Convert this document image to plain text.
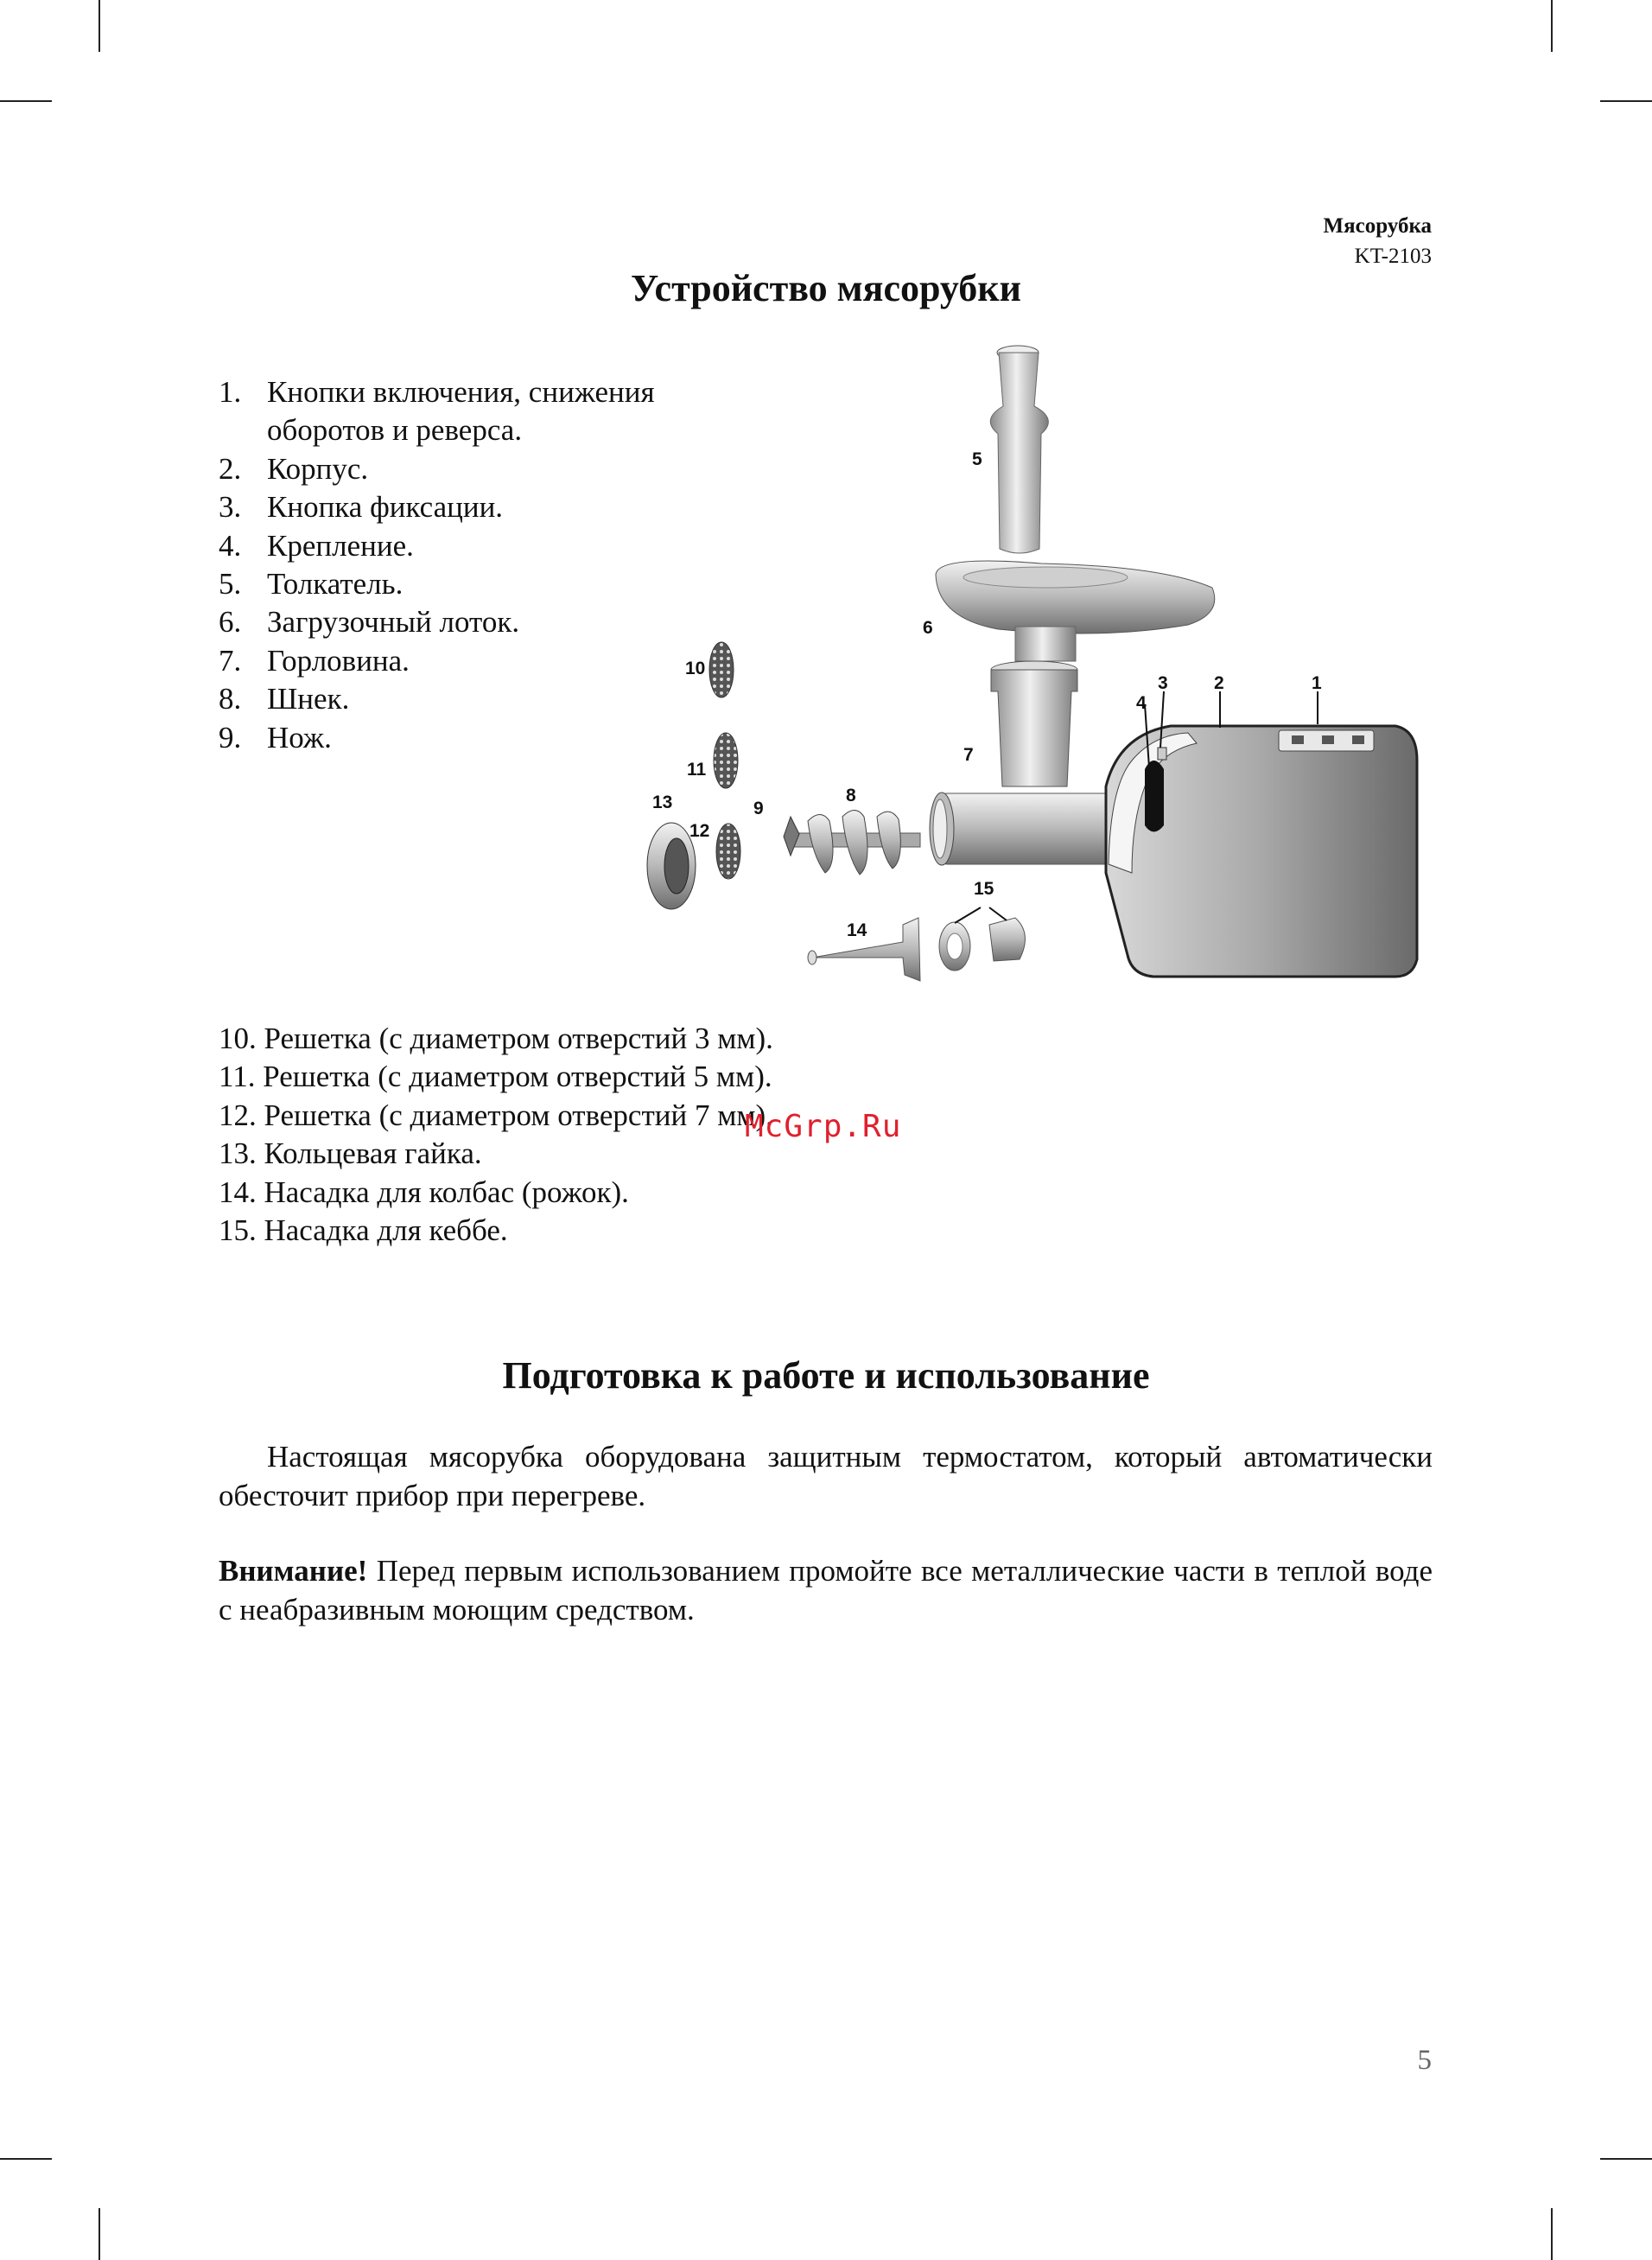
Мясорубка
KT-2103
Устройство мясорубки
1. Кнопки включения, снижения
оборотов и реверса.
2. Корпус.
3. Кнопка фиксации.
4. Крепление.
5. Толкатель.
6. Загрузочный лоток.
7. Горловина.
8. Шнек.
9. Нож.
1
2
3
4
5
6
7
8
9
10
11
12
13
14
15
10. Решетка (с диаметром отверстий 3 мм).
11. Решетка (с диаметром отверстий 5 мм).
12. Решетка (с диаметром отверстий 7 мм).
13. Кольцевая гайка.
14. Насадка для колбас (рожок).
15. Насадка для кеббе.
McGrp.Ru
Подготовка к работе и использование

Настоящая мясорубка оборудована защитным термостатом, который автоматически обесточит прибор при перегреве.

Внимание! Перед первым использованием промойте все металлические части в теплой воде с неабразивным моющим средством.

5
